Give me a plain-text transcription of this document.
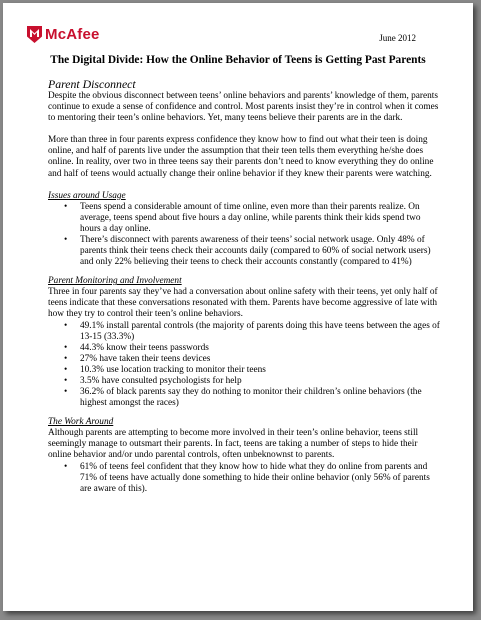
McAfee	June 2012
The Digital Divide: How the Online Behavior of Teens is Getting Past Parents

Parent Disconnect

Despite the obvious disconnect between teens’ online behaviors and parents’ knowledge of them, parents continue to exude a sense of confidence and control. Most parents insist they’re in control when it comes to mentoring their teen’s online behaviors. Yet, many teens believe their parents are in the dark.

More than three in four parents express confidence they know how to find out what their teen is doing online, and half of parents live under the assumption that their teen tells them everything he/she does online. In reality, over two in three teens say their parents don’t need to know everything they do online and half of teens would actually change their online behavior if they knew their parents were watching.

Issues around Usage

• Teens spend a considerable amount of time online, even more than their parents realize. On average, teens spend about five hours a day online, while parents think their kids spend two hours a day online.
• There’s disconnect with parents awareness of their teens’ social network usage. Only 48% of parents think their teens check their accounts daily (compared to 60% of social network users) and only 22% believing their teens to check their accounts constantly (compared to 41%)

Parent Monitoring and Involvement

Three in four parents say they’ve had a conversation about online safety with their teens, yet only half of teens indicate that these conversations resonated with them. Parents have become aggressive of late with how they try to control their teen’s online behaviors.

• 49.1% install parental controls (the majority of parents doing this have teens between the ages of 13-15 (33.3%)
• 44.3% know their teens passwords
• 27% have taken their teens devices
• 10.3% use location tracking to monitor their teens
• 3.5% have consulted psychologists for help
• 36.2% of black parents say they do nothing to monitor their children’s online behaviors (the highest amongst the races)

The Work Around

Although parents are attempting to become more involved in their teen’s online behavior, teens still seemingly manage to outsmart their parents. In fact, teens are taking a number of steps to hide their online behavior and/or undo parental controls, often unbeknownst to parents.

• 61% of teens feel confident that they know how to hide what they do online from parents and 71% of teens have actually done something to hide their online behavior (only 56% of parents are aware of this).
